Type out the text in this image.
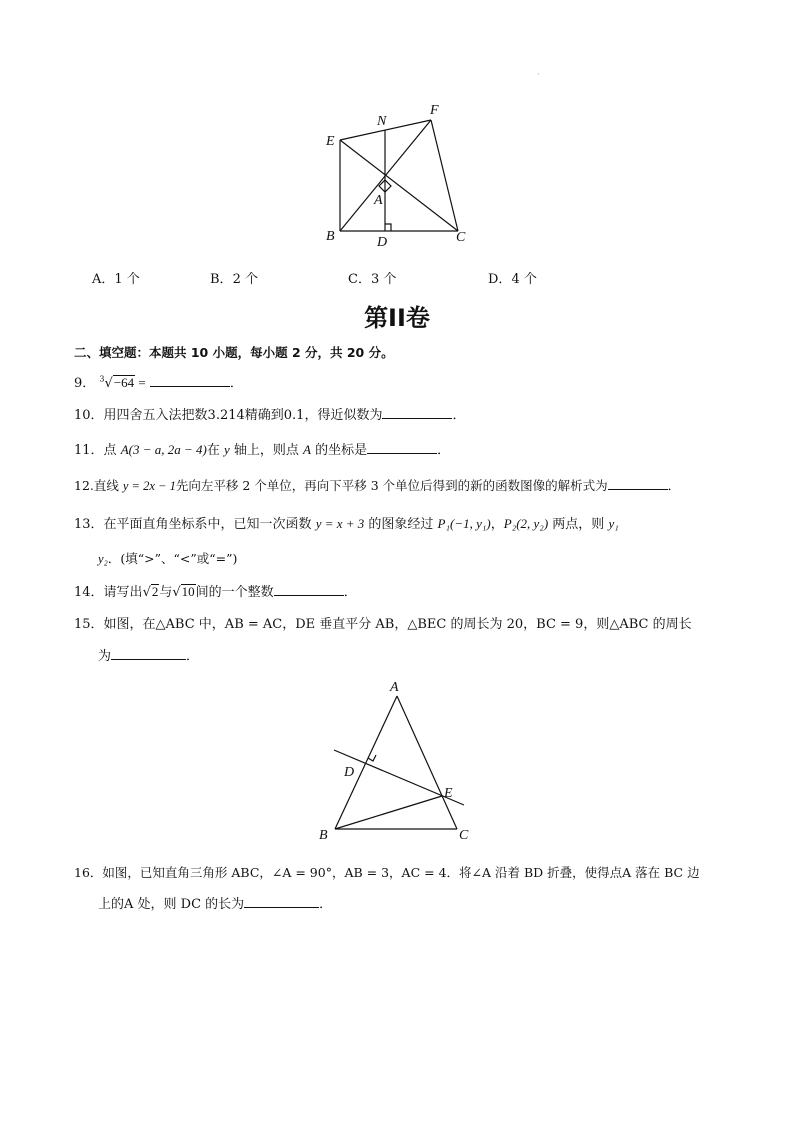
·
E
N
F
A
B	D	C
A．1 个	B．2 个	C．3 个	D．4 个
第II卷
二、填空题：本题共 10 小题，每小题 2 分，共 20 分。
9． $^3$√−64 =	．
10．用四舍五入法把数3.214精确到0.1，得近似数为	．
11．点 A(3 − a, 2a − 4)在 y 轴上，则点 A 的坐标是	．
12.直线 y = 2x − 1先向左平移 2 个单位，再向下平移 3 个单位后得到的新的函数图像的解析式为	．
13．在平面直角坐标系中，已知一次函数 y = x + 3 的图象经过 P₁(−1, y₁)，P₂(2, y₂) 两点，则 y₁
y₂．(填“>”、“<”或“=”)
14．请写出√2与√10间的一个整数	．
15．如图，在△ABC 中，AB = AC，DE 垂直平分 AB，△BEC 的周长为 20，BC = 9，则△ABC 的周长
为	．
A
D
E
B	C
16．如图，已知直角三角形 ABC，∠A = 90°，AB = 3，AC = 4．将∠A 沿着 BD 折叠，使得点A 落在 BC 边
上的A 处，则 DC 的长为	．
